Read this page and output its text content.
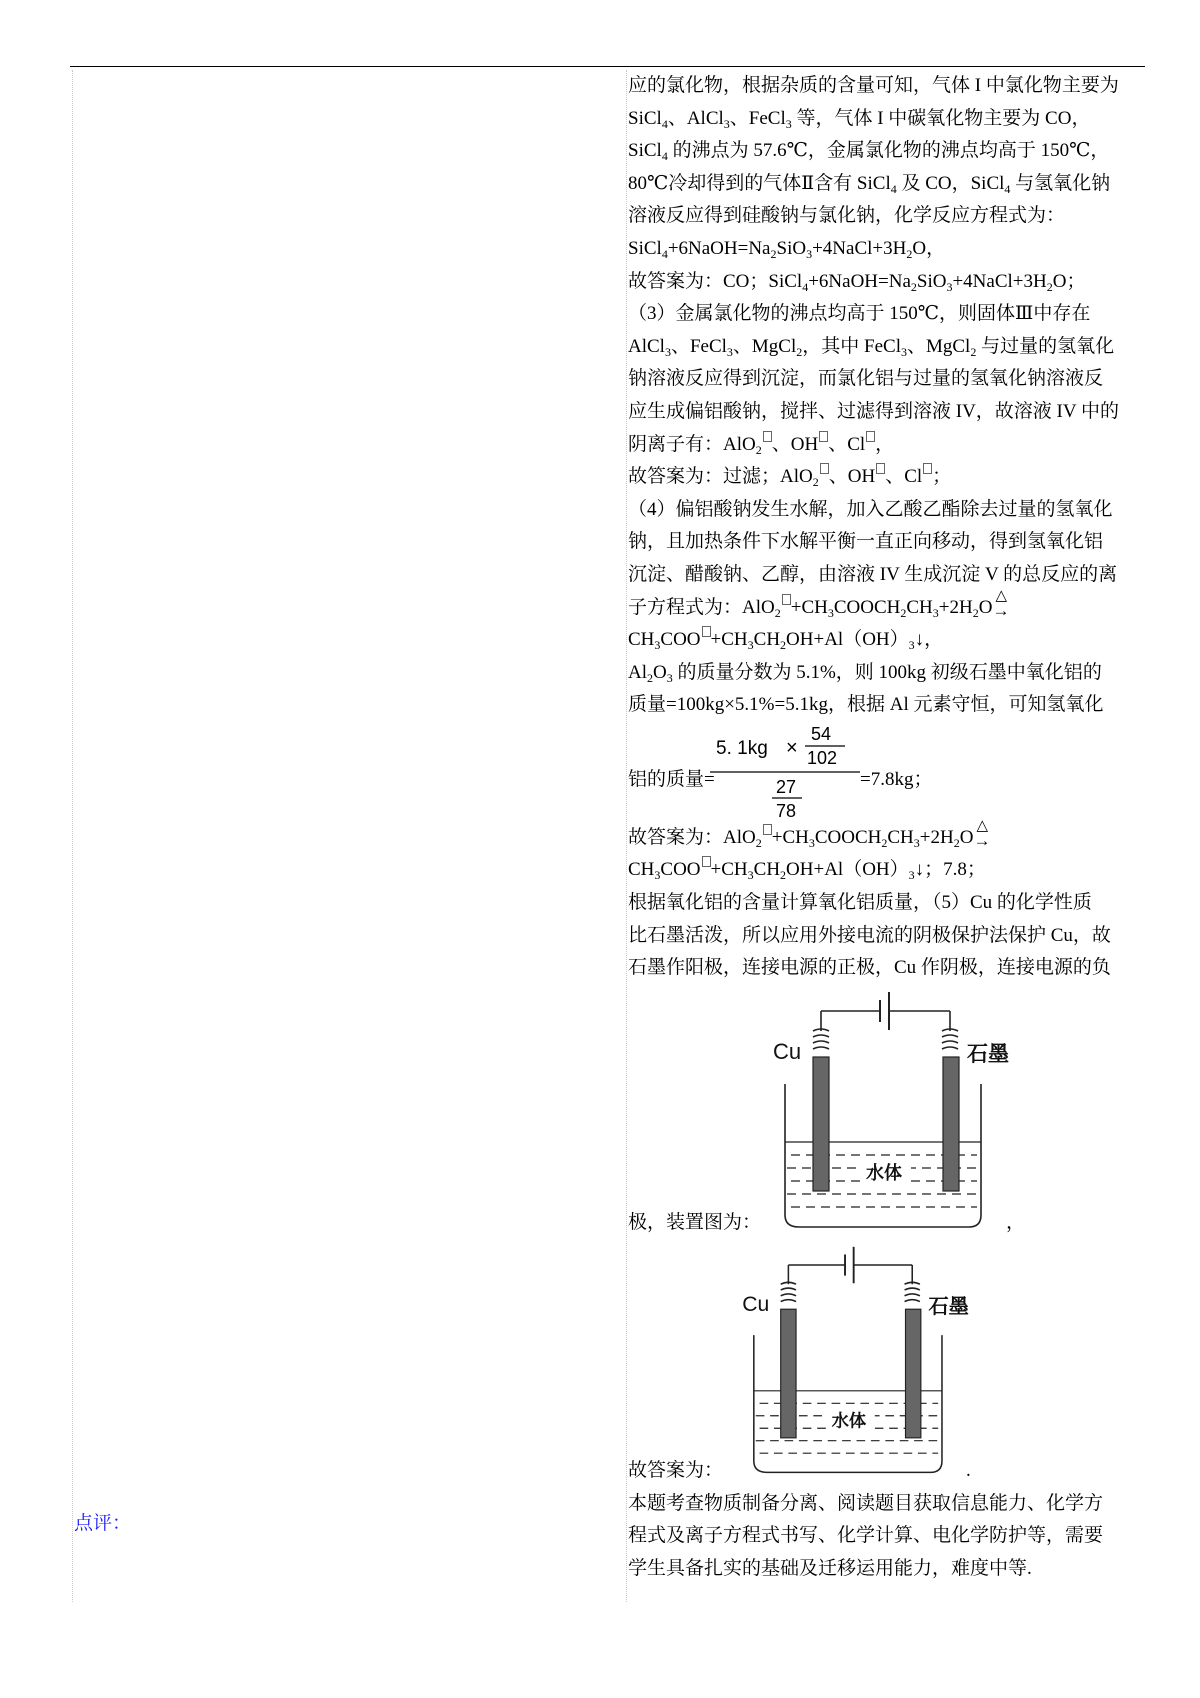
点评：
应的氯化物，根据杂质的含量可知，气体 I 中氯化物主要为
SiCl$_4$、AlCl$_3$、FeCl$_3$ 等，气体 I 中碳氧化物主要为 CO，
SiCl$_4$ 的沸点为 57.6℃，金属氯化物的沸点均高于 150℃，
80℃冷却得到的气体Ⅱ含有 SiCl$_4$ 及 CO，SiCl$_4$ 与氢氧化钠
溶液反应得到硅酸钠与氯化钠，化学反应方程式为：
$SiCl_4+6NaOH=Na_2SiO_3+4NaCl+3H_2O$，
故答案为：CO；$SiCl_4+6NaOH=Na_2SiO_3+4NaCl+3H_2O$；
（3）金属氯化物的沸点均高于 150℃，则固体Ⅲ中存在
AlCl$_3$、FeCl$_3$、MgCl$_2$，其中 FeCl$_3$、MgCl$_2$ 与过量的氢氧化
钠溶液反应得到沉淀，而氯化铝与过量的氢氧化钠溶液反
应生成偏铝酸钠，搅拌、过滤得到溶液 IV，故溶液 IV 中的
阴离子有：AlO$_2$ 、OH 、Cl ，
故答案为：过滤；AlO$_2$ 、OH 、Cl ；
（4）偏铝酸钠发生水解，加入乙酸乙酯除去过量的氢氧化
钠，且加热条件下水解平衡一直正向移动，得到氢氧化铝
沉淀、醋酸钠、乙醇，由溶液 IV 生成沉淀 V 的总反应的离
子方程式为：$AlO_2 +CH_3COOCH_2CH_3+2H_2O$
△
→
$CH_3COO$ $+CH_3CH_2OH+Al(OH)_3↓$，
$Al_2O_3$ 的质量分数为 5.1%，则 100kg 初级石墨中氧化铝的
质量=100kg×5.1%=5.1kg，根据 Al 元素守恒，可知氢氧化
铝的质量=
5. 1kg ×
54
102
27
78
=7.8kg；
故答案为：$AlO_2 +CH_3COOCH_2CH_3+2H_2O$
△
→
$CH_3COO$ $+CH_3CH_2OH+Al(OH)_3↓$；7.8；
根据氧化铝的含量计算氧化铝质量，（5）Cu 的化学性质
比石墨活泼，所以应用外接电流的阴极保护法保护 Cu，故
石墨作阳极，连接电源的正极，Cu 作阴极，连接电源的负
极，装置图为：
Cu	石墨
水体
，
故答案为：
Cu	石墨
水体
.
本题考查物质制备分离、阅读题目获取信息能力、化学方
程式及离子方程式书写、化学计算、电化学防护等，需要
学生具备扎实的基础及迁移运用能力，难度中等.
